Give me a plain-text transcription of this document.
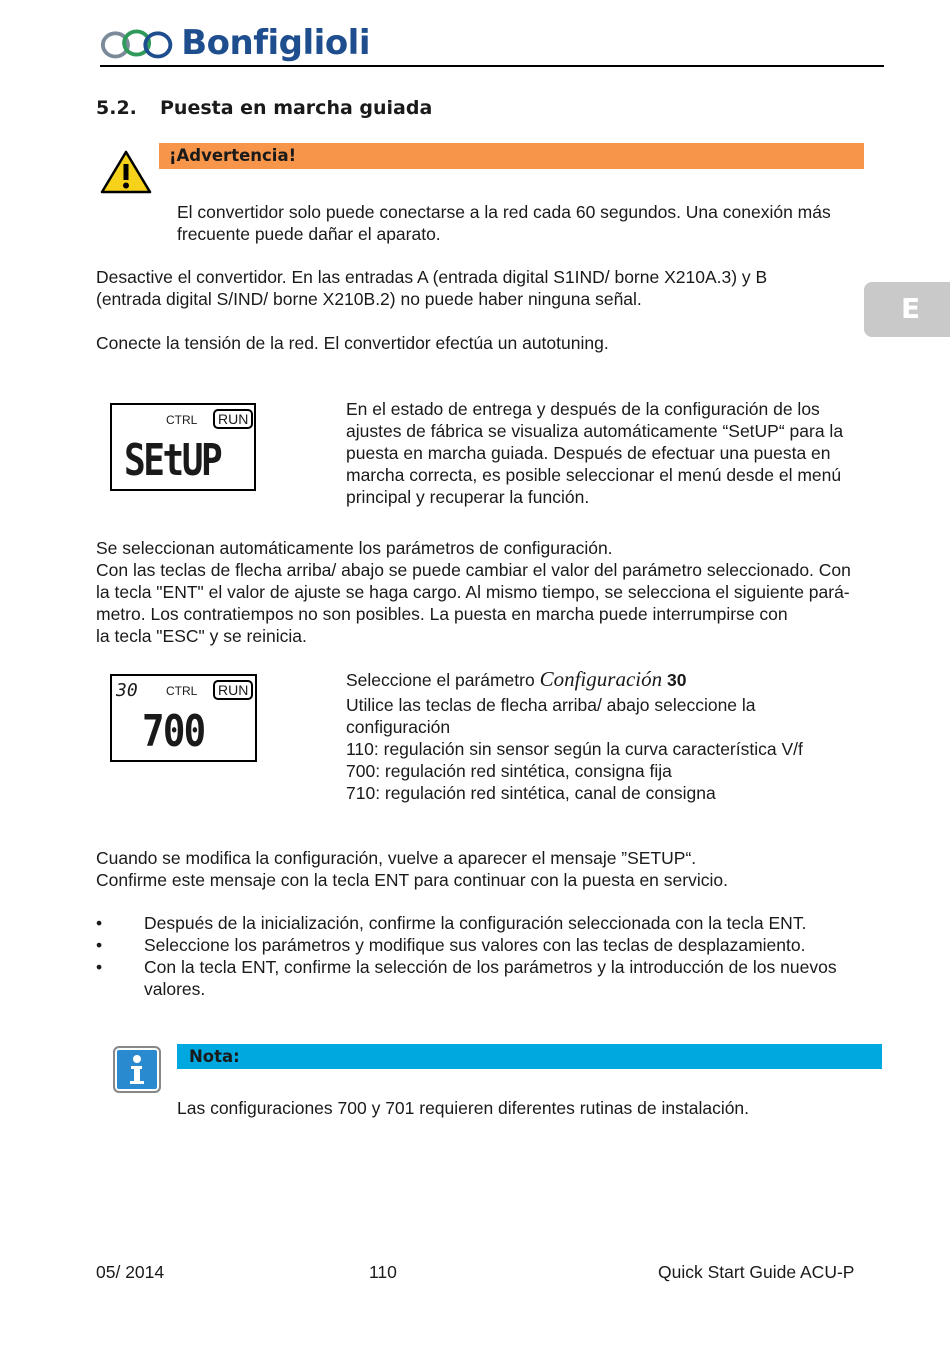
Bonfiglioli
5.2. Puesta en marcha guiada
¡Advertencia!
El convertidor solo puede conectarse a la red cada 60 segundos. Una conexión más
frecuente puede dañar el aparato.
E
Desactive el convertidor. En las entradas A (entrada digital S1IND/ borne X210A.3) y B
(entrada digital S/IND/ borne X210B.2) no puede haber ninguna señal.
Conecte la tensión de la red. El convertidor efectúa un autotuning.
CTRL	RUN
SEtUP
En el estado de entrega y después de la configuración de los
ajustes de fábrica se visualiza automáticamente “SetUP“ para la
puesta en marcha guiada. Después de efectuar una puesta en
marcha correcta, es posible seleccionar el menú desde el menú
principal y recuperar la función.
Se seleccionan automáticamente los parámetros de configuración.
Con las teclas de flecha arriba/ abajo se puede cambiar el valor del parámetro seleccionado. Con
la tecla "ENT" el valor de ajuste se haga cargo. Al mismo tiempo, se selecciona el siguiente pará-
metro. Los contratiempos no son posibles. La puesta en marcha puede interrumpirse con
la tecla "ESC" y se reinicia.
30 CTRL	RUN
700
Seleccione el parámetro Configuración 30
Utilice las teclas de flecha arriba/ abajo seleccione la
configuración
110: regulación sin sensor según la curva característica V/f
700: regulación red sintética, consigna fija
710: regulación red sintética, canal de consigna
Cuando se modifica la configuración, vuelve a aparecer el mensaje ”SETUP“.
Confirme este mensaje con la tecla ENT para continuar con la puesta en servicio.
• Después de la inicialización, confirme la configuración seleccionada con la tecla ENT.
• Seleccione los parámetros y modifique sus valores con las teclas de desplazamiento.
• Con la tecla ENT, confirme la selección de los parámetros y la introducción de los nuevos
valores.
Nota:
Las configuraciones 700 y 701 requieren diferentes rutinas de instalación.
05/ 2014	110	Quick Start Guide ACU-P
